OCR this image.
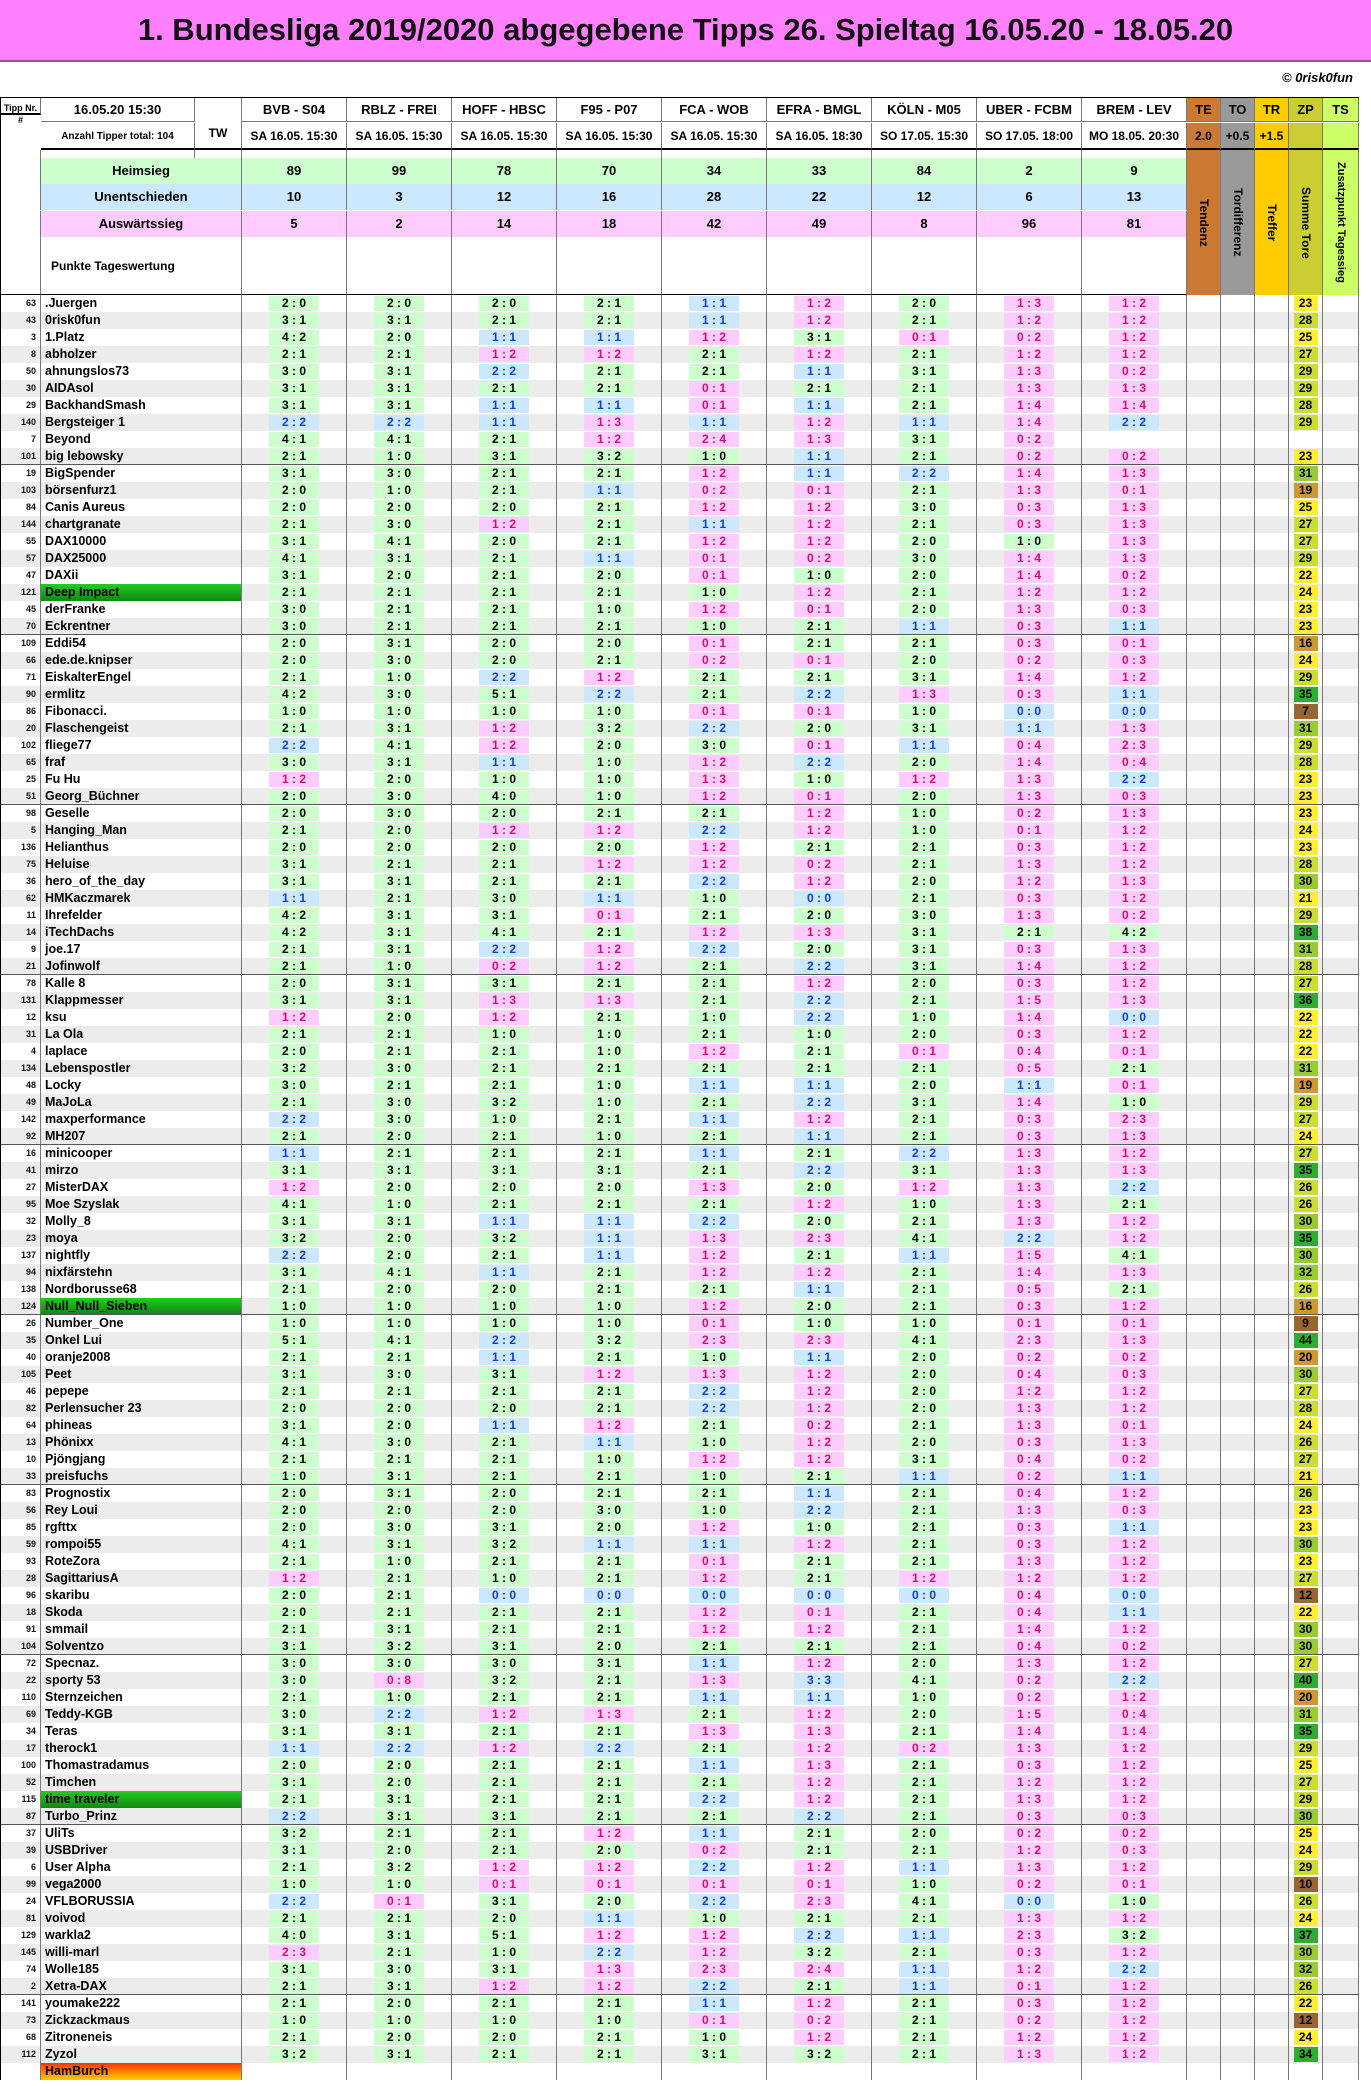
1. Bundesliga 2019/2020 abgegebene Tipps 26. Spieltag 16.05.20 - 18.05.20
© 0risk0fun
Tipp Nr. #
16.05.20 15:30
TW
BVB - S04	RBLZ - FREI	HOFF - HBSC	F95 - P07	FCA - WOB	EFRA - BMGL	KÖLN - M05	UBER - FCBM	BREM - LEV	TE	TO	TR	ZP	TS
Anzahl Tipper total: 104	SA 16.05. 15:30	SA 16.05. 15:30	SA 16.05. 15:30	SA 16.05. 15:30	SA 16.05. 15:30	SA 16.05. 18:30	SO 17.05. 15:30	SO 17.05. 18:00	MO 18.05. 20:30	2.0	+0.5 +1.5
Tendenz	Tordifferenz	Treffer	Summe Tore	Zusatzpunkt Tagessieg
Heimsieg	89	99	78	70	34	33	84	2	9
Unentschieden	10	3	12	16	28	22	12	6	13
Auswärtssieg	5	2	14	18	42	49	8	96	81
Punkte Tageswertung
63 .Juergen	2 : 0	2 : 0	2 : 0	2 : 1	1 : 1	1 : 2	2 : 0	1 : 3	1 : 2	23
43 0risk0fun	3 : 1	3 : 1	2 : 1	2 : 1	1 : 1	1 : 2	2 : 1	1 : 2	1 : 2	28
3 1.Platz	4 : 2	2 : 0	1 : 1	1 : 1	1 : 2	3 : 1	0 : 1	0 : 2	1 : 2	25
8 abholzer	2 : 1	2 : 1	1 : 2	1 : 2	2 : 1	1 : 2	2 : 1	1 : 2	1 : 2	27
50 ahnungslos73	3 : 0	3 : 1	2 : 2	2 : 1	2 : 1	1 : 1	3 : 1	1 : 3	0 : 2	29
30 AIDAsol	3 : 1	3 : 1	2 : 1	2 : 1	0 : 1	2 : 1	2 : 1	1 : 3	1 : 3	29
29 BackhandSmash	3 : 1	3 : 1	1 : 1	1 : 1	0 : 1	1 : 1	2 : 1	1 : 4	1 : 4	28
140 Bergsteiger 1	2 : 2	2 : 2	1 : 1	1 : 3	1 : 1	1 : 2	1 : 1	1 : 4	2 : 2	29
7 Beyond	4 : 1	4 : 1	2 : 1	1 : 2	2 : 4	1 : 3	3 : 1	0 : 2
101 big lebowsky	2 : 1	1 : 0	3 : 1	3 : 2	1 : 0	1 : 1	2 : 1	0 : 2	0 : 2	23
19 BigSpender	3 : 1	3 : 0	2 : 1	2 : 1	1 : 2	1 : 1	2 : 2	1 : 4	1 : 3	31
103 börsenfurz1	2 : 0	1 : 0	2 : 1	1 : 1	0 : 2	0 : 1	2 : 1	1 : 3	0 : 1	19
84 Canis Aureus	2 : 0	2 : 0	2 : 0	2 : 1	1 : 2	1 : 2	3 : 0	0 : 3	1 : 3	25
144 chartgranate	2 : 1	3 : 0	1 : 2	2 : 1	1 : 1	1 : 2	2 : 1	0 : 3	1 : 3	27
55 DAX10000	3 : 1	4 : 1	2 : 0	2 : 1	1 : 2	1 : 2	2 : 0	1 : 0	1 : 3	27
57 DAX25000	4 : 1	3 : 1	2 : 1	1 : 1	0 : 1	0 : 2	3 : 0	1 : 4	1 : 3	29
47 DAXii	3 : 1	2 : 0	2 : 1	2 : 0	0 : 1	1 : 0	2 : 0	1 : 4	0 : 2	22
121 Deep Impact	2 : 1	2 : 1	2 : 1	2 : 1	1 : 0	1 : 2	2 : 1	1 : 2	1 : 2	24
45 derFranke	3 : 0	2 : 1	2 : 1	1 : 0	1 : 2	0 : 1	2 : 0	1 : 3	0 : 3	23
70 Eckrentner	3 : 0	2 : 1	2 : 1	2 : 1	1 : 0	2 : 1	1 : 1	0 : 3	1 : 1	23
109 Eddi54	2 : 0	3 : 1	2 : 0	2 : 0	0 : 1	2 : 1	2 : 1	0 : 3	0 : 1	16
66 ede.de.knipser	2 : 0	3 : 0	2 : 0	2 : 1	0 : 2	0 : 1	2 : 0	0 : 2	0 : 3	24
71 EiskalterEngel	2 : 1	1 : 0	2 : 2	1 : 2	2 : 1	2 : 1	3 : 1	1 : 4	1 : 2	29
90 ermlitz	4 : 2	3 : 0	5 : 1	2 : 2	2 : 1	2 : 2	1 : 3	0 : 3	1 : 1	35
86 Fibonacci.	1 : 0	1 : 0	1 : 0	1 : 0	0 : 1	0 : 1	1 : 0	0 : 0	0 : 0	7
20 Flaschengeist	2 : 1	3 : 1	1 : 2	3 : 2	2 : 2	2 : 0	3 : 1	1 : 1	1 : 3	31
102 fliege77	2 : 2	4 : 1	1 : 2	2 : 0	3 : 0	0 : 1	1 : 1	0 : 4	2 : 3	29
65 fraf	3 : 0	3 : 1	1 : 1	1 : 0	1 : 2	2 : 2	2 : 0	1 : 4	0 : 4	28
25 Fu Hu	1 : 2	2 : 0	1 : 0	1 : 0	1 : 3	1 : 0	1 : 2	1 : 3	2 : 2	23
51 Georg_Büchner	2 : 0	3 : 0	4 : 0	1 : 0	1 : 2	0 : 1	2 : 0	1 : 3	0 : 3	23
98 Geselle	2 : 0	3 : 0	2 : 0	2 : 1	2 : 1	1 : 2	1 : 0	0 : 2	1 : 3	23
5 Hanging_Man	2 : 1	2 : 0	1 : 2	1 : 2	2 : 2	1 : 2	1 : 0	0 : 1	1 : 2	24
136 Helianthus	2 : 0	2 : 0	2 : 0	2 : 0	1 : 2	2 : 1	2 : 1	0 : 3	1 : 2	23
75 Heluise	3 : 1	2 : 1	2 : 1	1 : 2	1 : 2	0 : 2	2 : 1	1 : 3	1 : 2	28
36 hero_of_the_day	3 : 1	3 : 1	2 : 1	2 : 1	2 : 2	1 : 2	2 : 0	1 : 2	1 : 3	30
62 HMKaczmarek	1 : 1	2 : 1	3 : 0	1 : 1	1 : 0	0 : 0	2 : 1	0 : 3	1 : 2	21
11 Ihrefelder	4 : 2	3 : 1	3 : 1	0 : 1	2 : 1	2 : 0	3 : 0	1 : 3	0 : 2	29
14 iTechDachs	4 : 2	3 : 1	4 : 1	2 : 1	1 : 2	1 : 3	3 : 1	2 : 1	4 : 2	38
9 joe.17	2 : 1	3 : 1	2 : 2	1 : 2	2 : 2	2 : 0	3 : 1	0 : 3	1 : 3	31
21 Jofinwolf	2 : 1	1 : 0	0 : 2	1 : 2	2 : 1	2 : 2	3 : 1	1 : 4	1 : 2	28
78 Kalle 8	2 : 0	3 : 1	3 : 1	2 : 1	2 : 1	1 : 2	2 : 0	0 : 3	1 : 2	27
131 Klappmesser	3 : 1	3 : 1	1 : 3	1 : 3	2 : 1	2 : 2	2 : 1	1 : 5	1 : 3	36
12 ksu	1 : 2	2 : 0	1 : 2	2 : 1	1 : 0	2 : 2	1 : 0	1 : 4	0 : 0	22
31 La Ola	2 : 1	2 : 1	1 : 0	1 : 0	2 : 1	1 : 0	2 : 0	0 : 3	1 : 2	22
4 laplace	2 : 0	2 : 1	2 : 1	1 : 0	1 : 2	2 : 1	0 : 1	0 : 4	0 : 1	22
134 Lebenspostler	3 : 2	3 : 0	2 : 1	2 : 1	2 : 1	2 : 1	2 : 1	0 : 5	2 : 1	31
48 Locky	3 : 0	2 : 1	2 : 1	1 : 0	1 : 1	1 : 1	2 : 0	1 : 1	0 : 1	19
49 MaJoLa	2 : 1	3 : 0	3 : 2	1 : 0	2 : 1	2 : 2	3 : 1	1 : 4	1 : 0	29
142 maxperformance	2 : 2	3 : 0	1 : 0	2 : 1	1 : 1	1 : 2	2 : 1	0 : 3	2 : 3	27
92 MH207	2 : 1	2 : 0	2 : 1	1 : 0	2 : 1	1 : 1	2 : 1	0 : 3	1 : 3	24
16 minicooper	1 : 1	2 : 1	2 : 1	2 : 1	1 : 1	2 : 1	2 : 2	1 : 3	1 : 2	27
41 mirzo	3 : 1	3 : 1	3 : 1	3 : 1	2 : 1	2 : 2	3 : 1	1 : 3	1 : 3	35
27 MisterDAX	1 : 2	2 : 0	2 : 0	2 : 0	1 : 3	2 : 0	1 : 2	1 : 3	2 : 2	26
95 Moe Szyslak	4 : 1	1 : 0	2 : 1	2 : 1	2 : 1	1 : 2	1 : 0	1 : 3	2 : 1	26
32 Molly_8	3 : 1	3 : 1	1 : 1	1 : 1	2 : 2	2 : 0	2 : 1	1 : 3	1 : 2	30
23 moya	3 : 2	2 : 0	3 : 2	1 : 1	1 : 3	2 : 3	4 : 1	2 : 2	1 : 2	35
137 nightfly	2 : 2	2 : 0	2 : 1	1 : 1	1 : 2	2 : 1	1 : 1	1 : 5	4 : 1	30
94 nixfärstehn	3 : 1	4 : 1	1 : 1	2 : 1	1 : 2	1 : 2	2 : 1	1 : 4	1 : 3	32
138 Nordborusse68	2 : 1	2 : 0	2 : 0	2 : 1	2 : 1	1 : 1	2 : 1	0 : 5	2 : 1	26
124 Null_Null_Sieben	1 : 0	1 : 0	1 : 0	1 : 0	1 : 2	2 : 0	2 : 1	0 : 3	1 : 2	16
26 Number_One	1 : 0	1 : 0	1 : 0	1 : 0	0 : 1	1 : 0	1 : 0	0 : 1	0 : 1	9
35 Onkel Lui	5 : 1	4 : 1	2 : 2	3 : 2	2 : 3	2 : 3	4 : 1	2 : 3	1 : 3	44
40 oranje2008	2 : 1	2 : 1	1 : 1	2 : 1	1 : 0	1 : 1	2 : 0	0 : 2	0 : 2	20
105 Peet	3 : 1	3 : 0	3 : 1	1 : 2	1 : 3	1 : 2	2 : 0	0 : 4	0 : 3	30
46 pepepe	2 : 1	2 : 1	2 : 1	2 : 1	2 : 2	1 : 2	2 : 0	1 : 2	1 : 2	27
82 Perlensucher 23	2 : 0	2 : 0	2 : 0	2 : 1	2 : 2	1 : 2	2 : 0	1 : 3	1 : 2	28
64 phineas	3 : 1	2 : 0	1 : 1	1 : 2	2 : 1	0 : 2	2 : 1	1 : 3	0 : 1	24
13 Phönixx	4 : 1	3 : 0	2 : 1	1 : 1	1 : 0	1 : 2	2 : 0	0 : 3	1 : 3	26
10 Pjöngjang	2 : 1	2 : 1	2 : 1	1 : 0	1 : 2	1 : 2	3 : 1	0 : 4	0 : 2	27
33 preisfuchs	1 : 0	3 : 1	2 : 1	2 : 1	1 : 0	2 : 1	1 : 1	0 : 2	1 : 1	21
83 Prognostix	2 : 0	3 : 1	2 : 0	2 : 1	2 : 1	1 : 1	2 : 1	0 : 4	1 : 2	26
56 Rey Loui	2 : 0	2 : 0	2 : 0	3 : 0	1 : 0	2 : 2	2 : 1	1 : 3	0 : 3	23
85 rgfttx	2 : 0	3 : 0	3 : 1	2 : 0	1 : 2	1 : 0	2 : 1	0 : 3	1 : 1	23
59 rompoi55	4 : 1	3 : 1	3 : 2	1 : 1	1 : 1	1 : 2	2 : 1	0 : 3	1 : 2	30
93 RoteZora	2 : 1	1 : 0	2 : 1	2 : 1	0 : 1	2 : 1	2 : 1	1 : 3	1 : 2	23
28 SagittariusA	1 : 2	2 : 1	1 : 0	2 : 1	1 : 2	2 : 1	1 : 2	1 : 2	1 : 2	27
96 skaribu	2 : 0	2 : 1	0 : 0	0 : 0	0 : 0	0 : 0	0 : 0	0 : 4	0 : 0	12
18 Skoda	2 : 0	2 : 1	2 : 1	2 : 1	1 : 2	0 : 1	2 : 1	0 : 4	1 : 1	22
91 smmail	2 : 1	3 : 1	2 : 1	2 : 1	1 : 2	1 : 2	2 : 1	1 : 4	1 : 2	30
104 Solventzo	3 : 1	3 : 2	3 : 1	2 : 0	2 : 1	2 : 1	2 : 1	0 : 4	0 : 2	30
72 Specnaz.	3 : 0	3 : 0	3 : 0	3 : 1	1 : 1	1 : 2	2 : 0	1 : 3	1 : 2	27
22 sporty 53	3 : 0	0 : 8	3 : 2	2 : 1	1 : 3	3 : 3	4 : 1	0 : 2	2 : 2	40
110 Sternzeichen	2 : 1	1 : 0	2 : 1	2 : 1	1 : 1	1 : 1	1 : 0	0 : 2	1 : 2	20
69 Teddy-KGB	3 : 0	2 : 2	1 : 2	1 : 3	2 : 1	1 : 2	2 : 0	1 : 5	0 : 4	31
34 Teras	3 : 1	3 : 1	2 : 1	2 : 1	1 : 3	1 : 3	2 : 1	1 : 4	1 : 4	35
17 therock1	1 : 1	2 : 2	1 : 2	2 : 2	2 : 1	1 : 2	0 : 2	1 : 3	1 : 2	29
100 Thomastradamus	2 : 0	2 : 0	2 : 1	2 : 1	1 : 1	1 : 3	2 : 1	0 : 3	1 : 2	25
52 Timchen	3 : 1	2 : 0	2 : 1	2 : 1	2 : 1	1 : 2	2 : 1	1 : 2	1 : 2	27
115 time traveler	2 : 1	3 : 1	2 : 1	2 : 1	2 : 2	1 : 2	2 : 1	1 : 3	1 : 2	29
87 Turbo_Prinz	2 : 2	3 : 1	3 : 1	2 : 1	2 : 1	2 : 2	2 : 1	0 : 3	0 : 3	30
37 UliTs	3 : 2	2 : 1	2 : 1	1 : 2	1 : 1	2 : 1	2 : 0	0 : 2	0 : 2	25
39 USBDriver	3 : 1	2 : 0	2 : 1	2 : 0	0 : 2	2 : 1	2 : 1	1 : 2	0 : 3	24
6 User Alpha	2 : 1	3 : 2	1 : 2	1 : 2	2 : 2	1 : 2	1 : 1	1 : 3	1 : 2	29
99 vega2000	1 : 0	1 : 0	0 : 1	0 : 1	0 : 1	0 : 1	1 : 0	0 : 2	0 : 1	10
24 VFLBORUSSIA	2 : 2	0 : 1	3 : 1	2 : 0	2 : 2	2 : 3	4 : 1	0 : 0	1 : 0	26
81 voivod	2 : 1	2 : 1	2 : 0	1 : 1	1 : 0	2 : 1	2 : 1	1 : 3	1 : 2	24
129 warkla2	4 : 0	3 : 1	5 : 1	1 : 2	1 : 2	2 : 2	1 : 1	2 : 3	3 : 2	37
145 willi-marl	2 : 3	2 : 1	1 : 0	2 : 2	1 : 2	3 : 2	2 : 1	0 : 3	1 : 2	30
74 Wolle185	3 : 1	3 : 0	3 : 1	1 : 3	2 : 3	2 : 4	1 : 1	1 : 2	2 : 2	32
2 Xetra-DAX	2 : 1	3 : 1	1 : 2	1 : 2	2 : 2	2 : 1	1 : 1	0 : 1	1 : 2	26
141 youmake222	2 : 1	2 : 0	2 : 1	2 : 1	1 : 1	1 : 2	2 : 1	0 : 3	1 : 2	22
73 Zickzackmaus	1 : 0	1 : 0	1 : 0	1 : 0	0 : 1	0 : 2	2 : 1	0 : 2	1 : 2	12
68 Zitroneneis	2 : 1	2 : 0	2 : 0	2 : 1	1 : 0	1 : 2	2 : 1	1 : 2	1 : 2	24
112 Zyzol	3 : 2	3 : 1	2 : 1	2 : 1	3 : 1	3 : 2	2 : 1	1 : 3	1 : 2	34
HamBurch
